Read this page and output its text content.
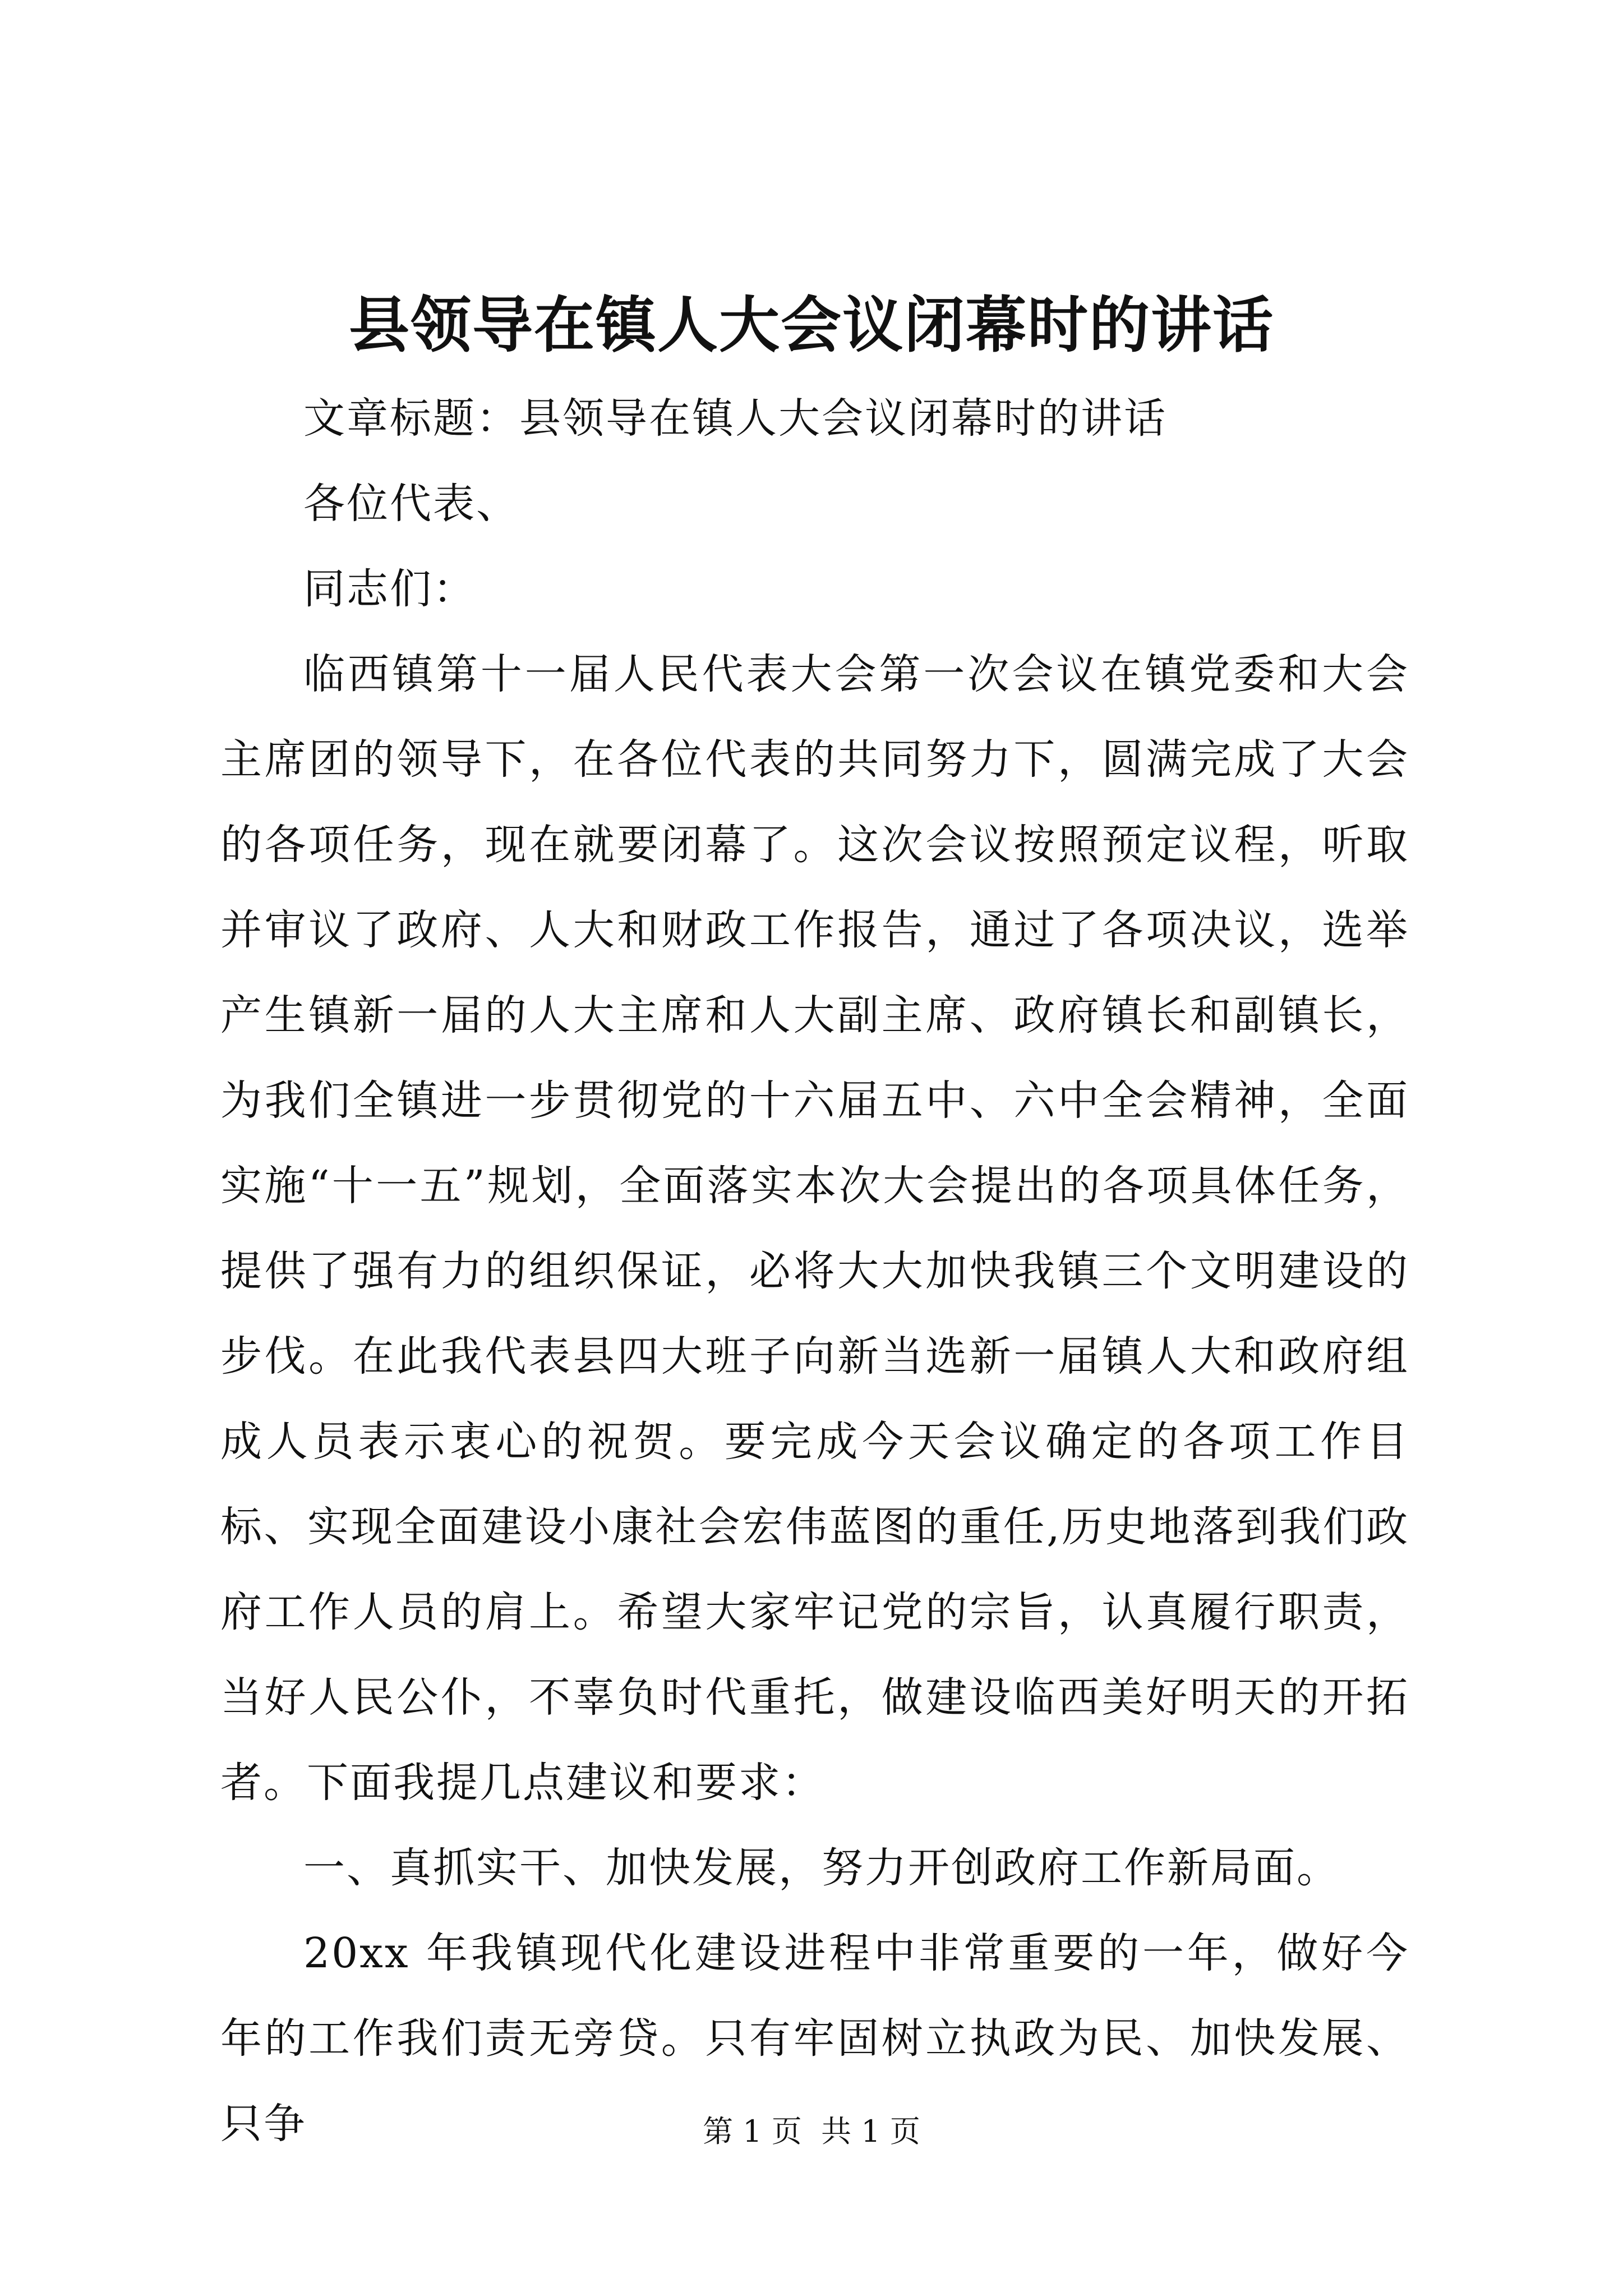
县领导在镇人大会议闭幕时的讲话

文章标题：县领导在镇人大会议闭幕时的讲话

各位代表、

同志们：

临西镇第十一届人民代表大会第一次会议在镇党委和大会主席团的领导下，在各位代表的共同努力下，圆满完成了大会的各项任务，现在就要闭幕了。这次会议按照预定议程，听取并审议了政府、人大和财政工作报告，通过了各项决议，选举产生镇新一届的人大主席和人大副主席、政府镇长和副镇长，为我们全镇进一步贯彻党的十六届五中、六中全会精神，全面实施“十一五”规划，全面落实本次大会提出的各项具体任务，提供了强有力的组织保证，必将大大加快我镇三个文明建设的步伐。在此我代表县四大班子向新当选新一届镇人大和政府组成人员表示衷心的祝贺。要完成今天会议确定的各项工作目标、实现全面建设小康社会宏伟蓝图的重任,历史地落到我们政府工作人员的肩上。希望大家牢记党的宗旨，认真履行职责，当好人民公仆，不辜负时代重托，做建设临西美好明天的开拓者。下面我提几点建议和要求：

一、真抓实干、加快发展，努力开创政府工作新局面。

20xx 年我镇现代化建设进程中非常重要的一年，做好今年的工作我们责无旁贷。只有牢固树立执政为民、加快发展、只争	第 1 页  共 1 页
